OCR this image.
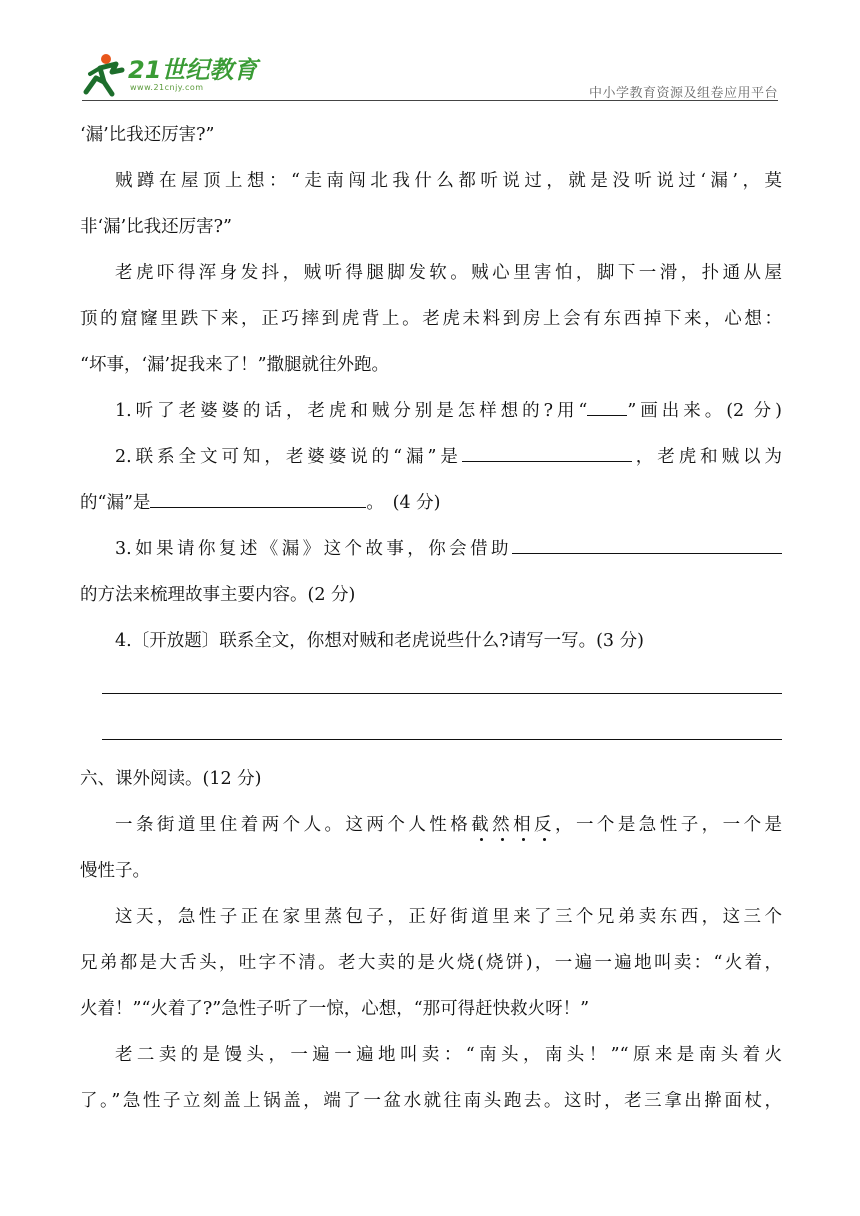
21世纪教育
www.21cnjy.com	中小学教育资源及组卷应用平台

‘漏’比我还厉害?”

贼蹲在屋顶上想：“走南闯北我什么都听说过，就是没听说过‘漏’，莫

非‘漏’比我还厉害?”

老虎吓得浑身发抖，贼听得腿脚发软。贼心里害怕，脚下一滑，扑通从屋

顶的窟窿里跌下来，正巧摔到虎背上。老虎未料到房上会有东西掉下来，心想：

“坏事，‘漏’捉我来了！”撒腿就往外跑。

1.听了老婆婆的话，老虎和贼分别是怎样想的?用“ ”画出来。(2 分)

2.联系全文可知，老婆婆说的“漏”是	，老虎和贼以为

的“漏”是	。　(4 分)

3.如果请你复述《漏》这个故事，你会借助

的方法来梳理故事主要内容。(2 分)

4.〔开放题〕联系全文，你想对贼和老虎说些什么?请写一写。(3 分)

六、课外阅读。(12 分)

一条街道里住着两个人。这两个人性格截然相反，一个是急性子，一个是

慢性子。

这天，急性子正在家里蒸包子，正好街道里来了三个兄弟卖东西，这三个

兄弟都是大舌头，吐字不清。老大卖的是火烧(烧饼)，一遍一遍地叫卖：“火着，

火着！”“火着了?”急性子听了一惊，心想，“那可得赶快救火呀！”

老二卖的是馒头，一遍一遍地叫卖：“南头，南头！”“原来是南头着火

了。”急性子立刻盖上锅盖，端了一盆水就往南头跑去。这时，老三拿出擀面杖，
